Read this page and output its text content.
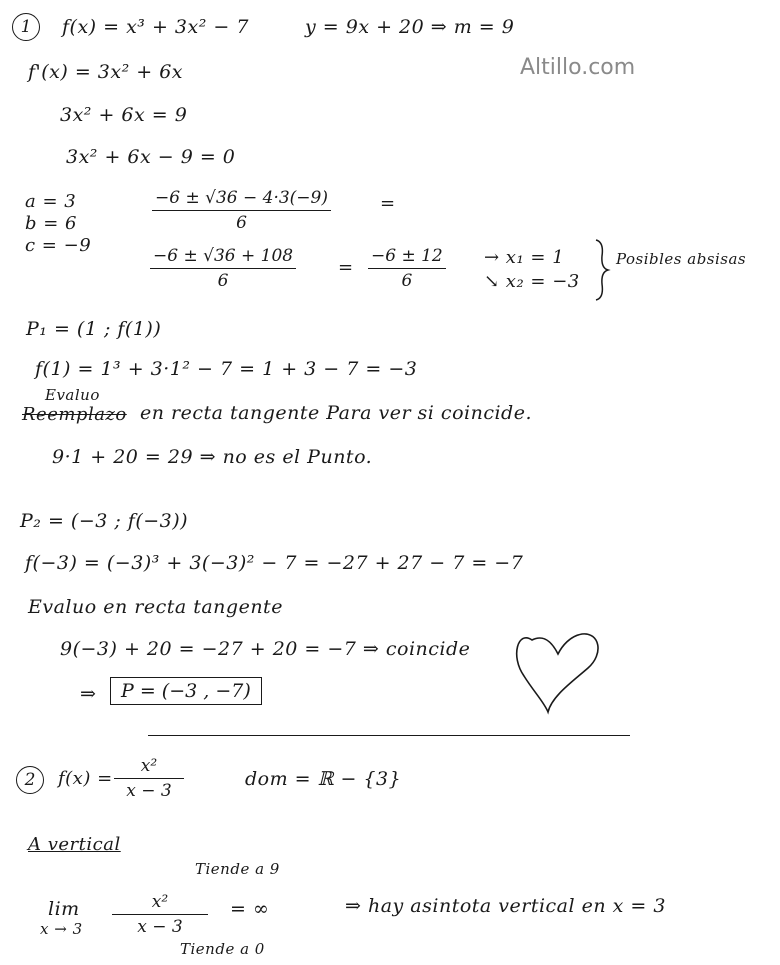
Altillo.com
1	f(x) = x³ + 3x² − 7	y = 9x + 20 ⇒ m = 9
f'(x) = 3x² + 6x
3x² + 6x = 9
3x² + 6x − 9 = 0
a = 3
b = 6
c = −9
$\frac{-6 \pm √36 - 4\cdot 3(-9)}{6}$	=
$\frac{-6 \pm √36 + 108}{6} = \frac{-6 \pm 12}{6} \to x_1 = 1$
↘ x₂ = −3
Posibles absisas
P₁ = (1 ; f(1))
f(1) = 1³ + 3·1² − 7 = 1 + 3 − 7 = −3
Evaluo
Reemplazo en recta tangente Para ver si coincide.
9·1 + 20 = 29 ⇒ no es el Punto.
P₂ = (−3 ; f(−3))
f(−3) = (−3)³ + 3(−3)² − 7 = −27 + 27 − 7 = −7
Evaluo en recta tangente
9(−3) + 20 = −27 + 20 = −7 ⇒ coincide
⇒	P = (−3 , −7)
2	$f(x) = \frac{\text{x²}}{x - 3}$	dom = ℝ − {3}
A vertical
Tiende a 9
lim
$x \to 3 \frac{\text{x²}}{x - 3}$ = ∞	⇒ hay asintota vertical en x = 3
Tiende a 0
